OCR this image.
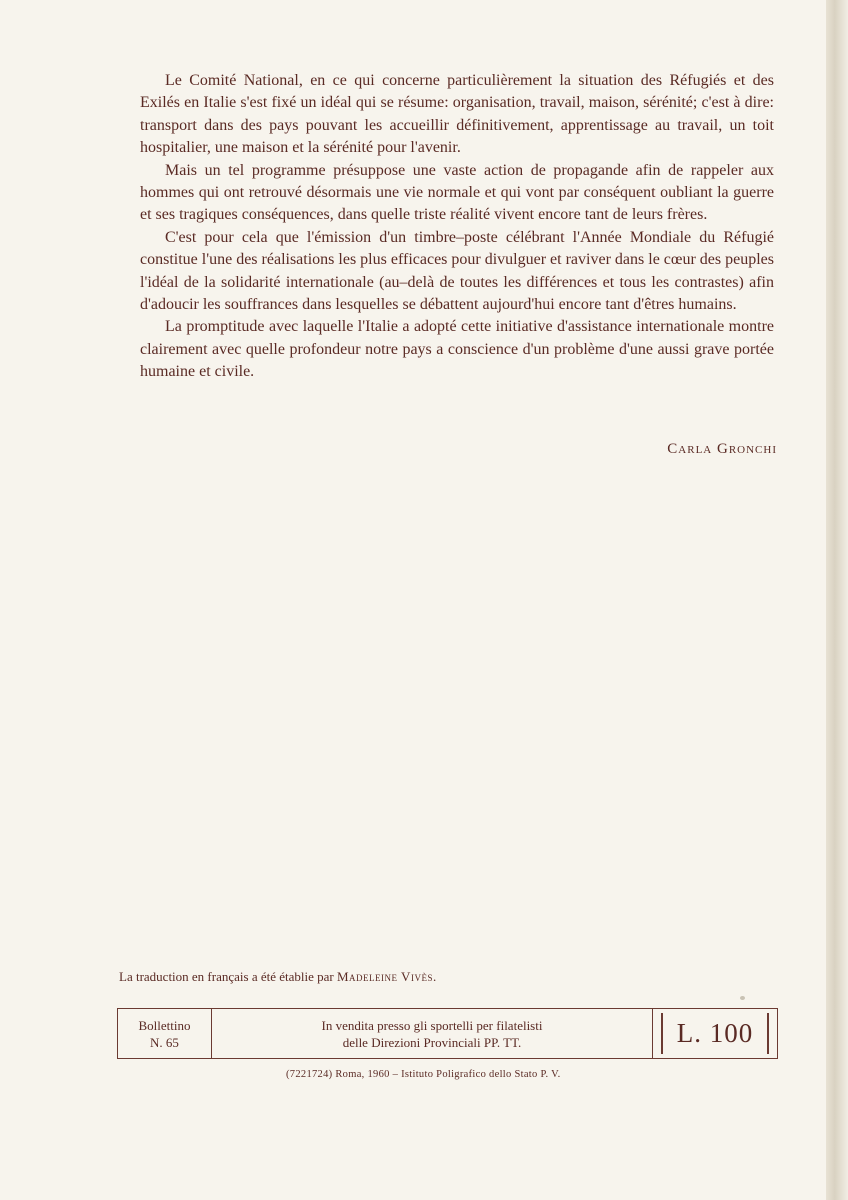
Le Comité National, en ce qui concerne particulièrement la situation des Réfugiés et des Exilés en Italie s'est fixé un idéal qui se résume: organisation, travail, maison, sérénité; c'est à dire: transport dans des pays pouvant les accueillir définitivement, apprentissage au travail, un toit hospitalier, une maison et la sérénité pour l'avenir.

Mais un tel programme présuppose une vaste action de propagande afin de rappeler aux hommes qui ont retrouvé désormais une vie normale et qui vont par conséquent oubliant la guerre et ses tragiques conséquences, dans quelle triste réalité vivent encore tant de leurs frères.

C'est pour cela que l'émission d'un timbre–poste célébrant l'Année Mondiale du Réfugié constitue l'une des réalisations les plus efficaces pour divulguer et raviver dans le cœur des peuples l'idéal de la solidarité internationale (au–delà de toutes les différences et tous les contrastes) afin d'adoucir les souffrances dans lesquelles se débattent aujourd'hui encore tant d'êtres humains.

La promptitude avec laquelle l'Italie a adopté cette initiative d'assistance internationale montre clairement avec quelle profondeur notre pays a conscience d'un problème d'une aussi grave portée humaine et civile.

Carla Gronchi
La traduction en français a été établie par Madeleine Vivès.
Bollettino
N. 65
In vendita presso gli sportelli per filatelisti
delle Direzioni Provinciali PP. TT.	L. 100
(7221724) Roma, 1960 – Istituto Poligrafico dello Stato P. V.
